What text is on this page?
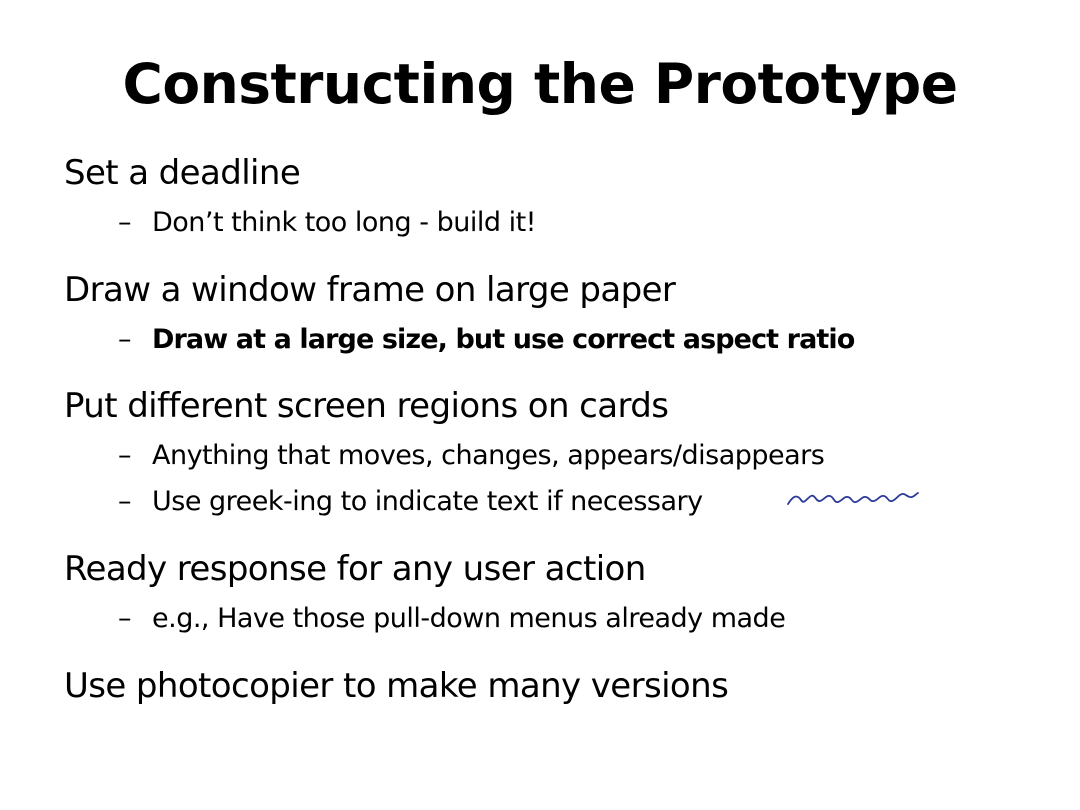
Constructing the Prototype
Set a deadline
– Don’t think too long - build it!
Draw a window frame on large paper
– Draw at a large size, but use correct aspect ratio
Put different screen regions on cards
– Anything that moves, changes, appears/disappears
– Use greek-ing to indicate text if necessary
Ready response for any user action
– e.g., Have those pull-down menus already made
Use photocopier to make many versions
